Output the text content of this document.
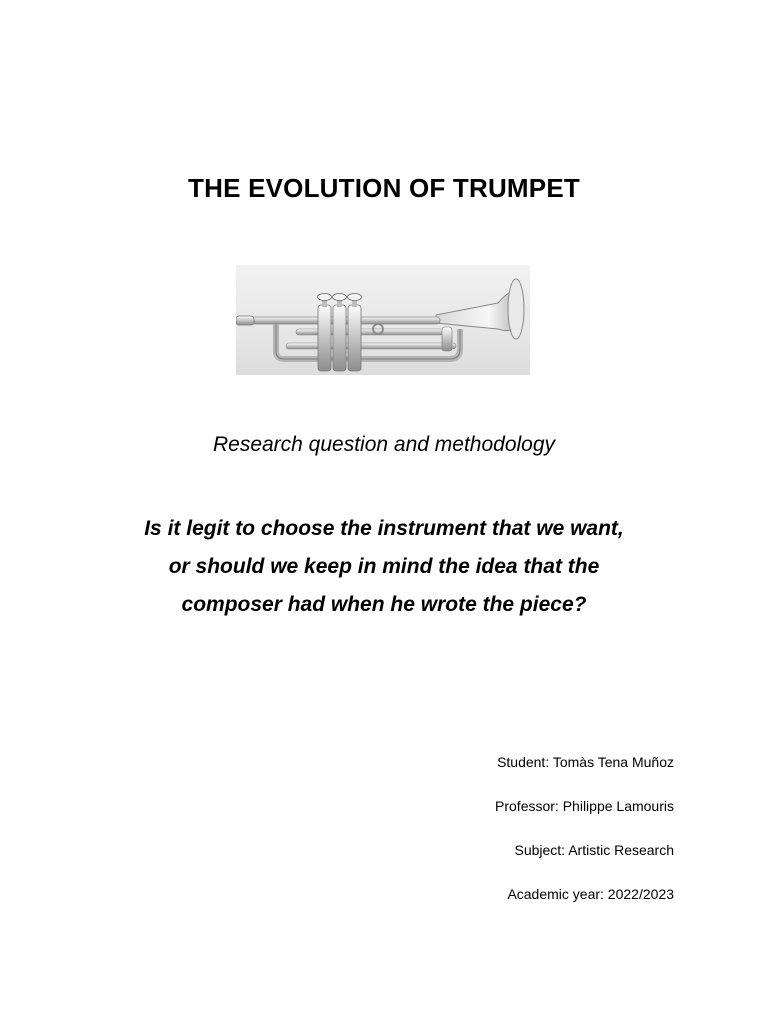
THE EVOLUTION OF TRUMPET
Research question and methodology
Is it legit to choose the instrument that we want,
or should we keep in mind the idea that the
composer had when he wrote the piece?
Student: Tomàs Tena Muñoz
Professor: Philippe Lamouris
Subject: Artistic Research
Academic year: 2022/2023
